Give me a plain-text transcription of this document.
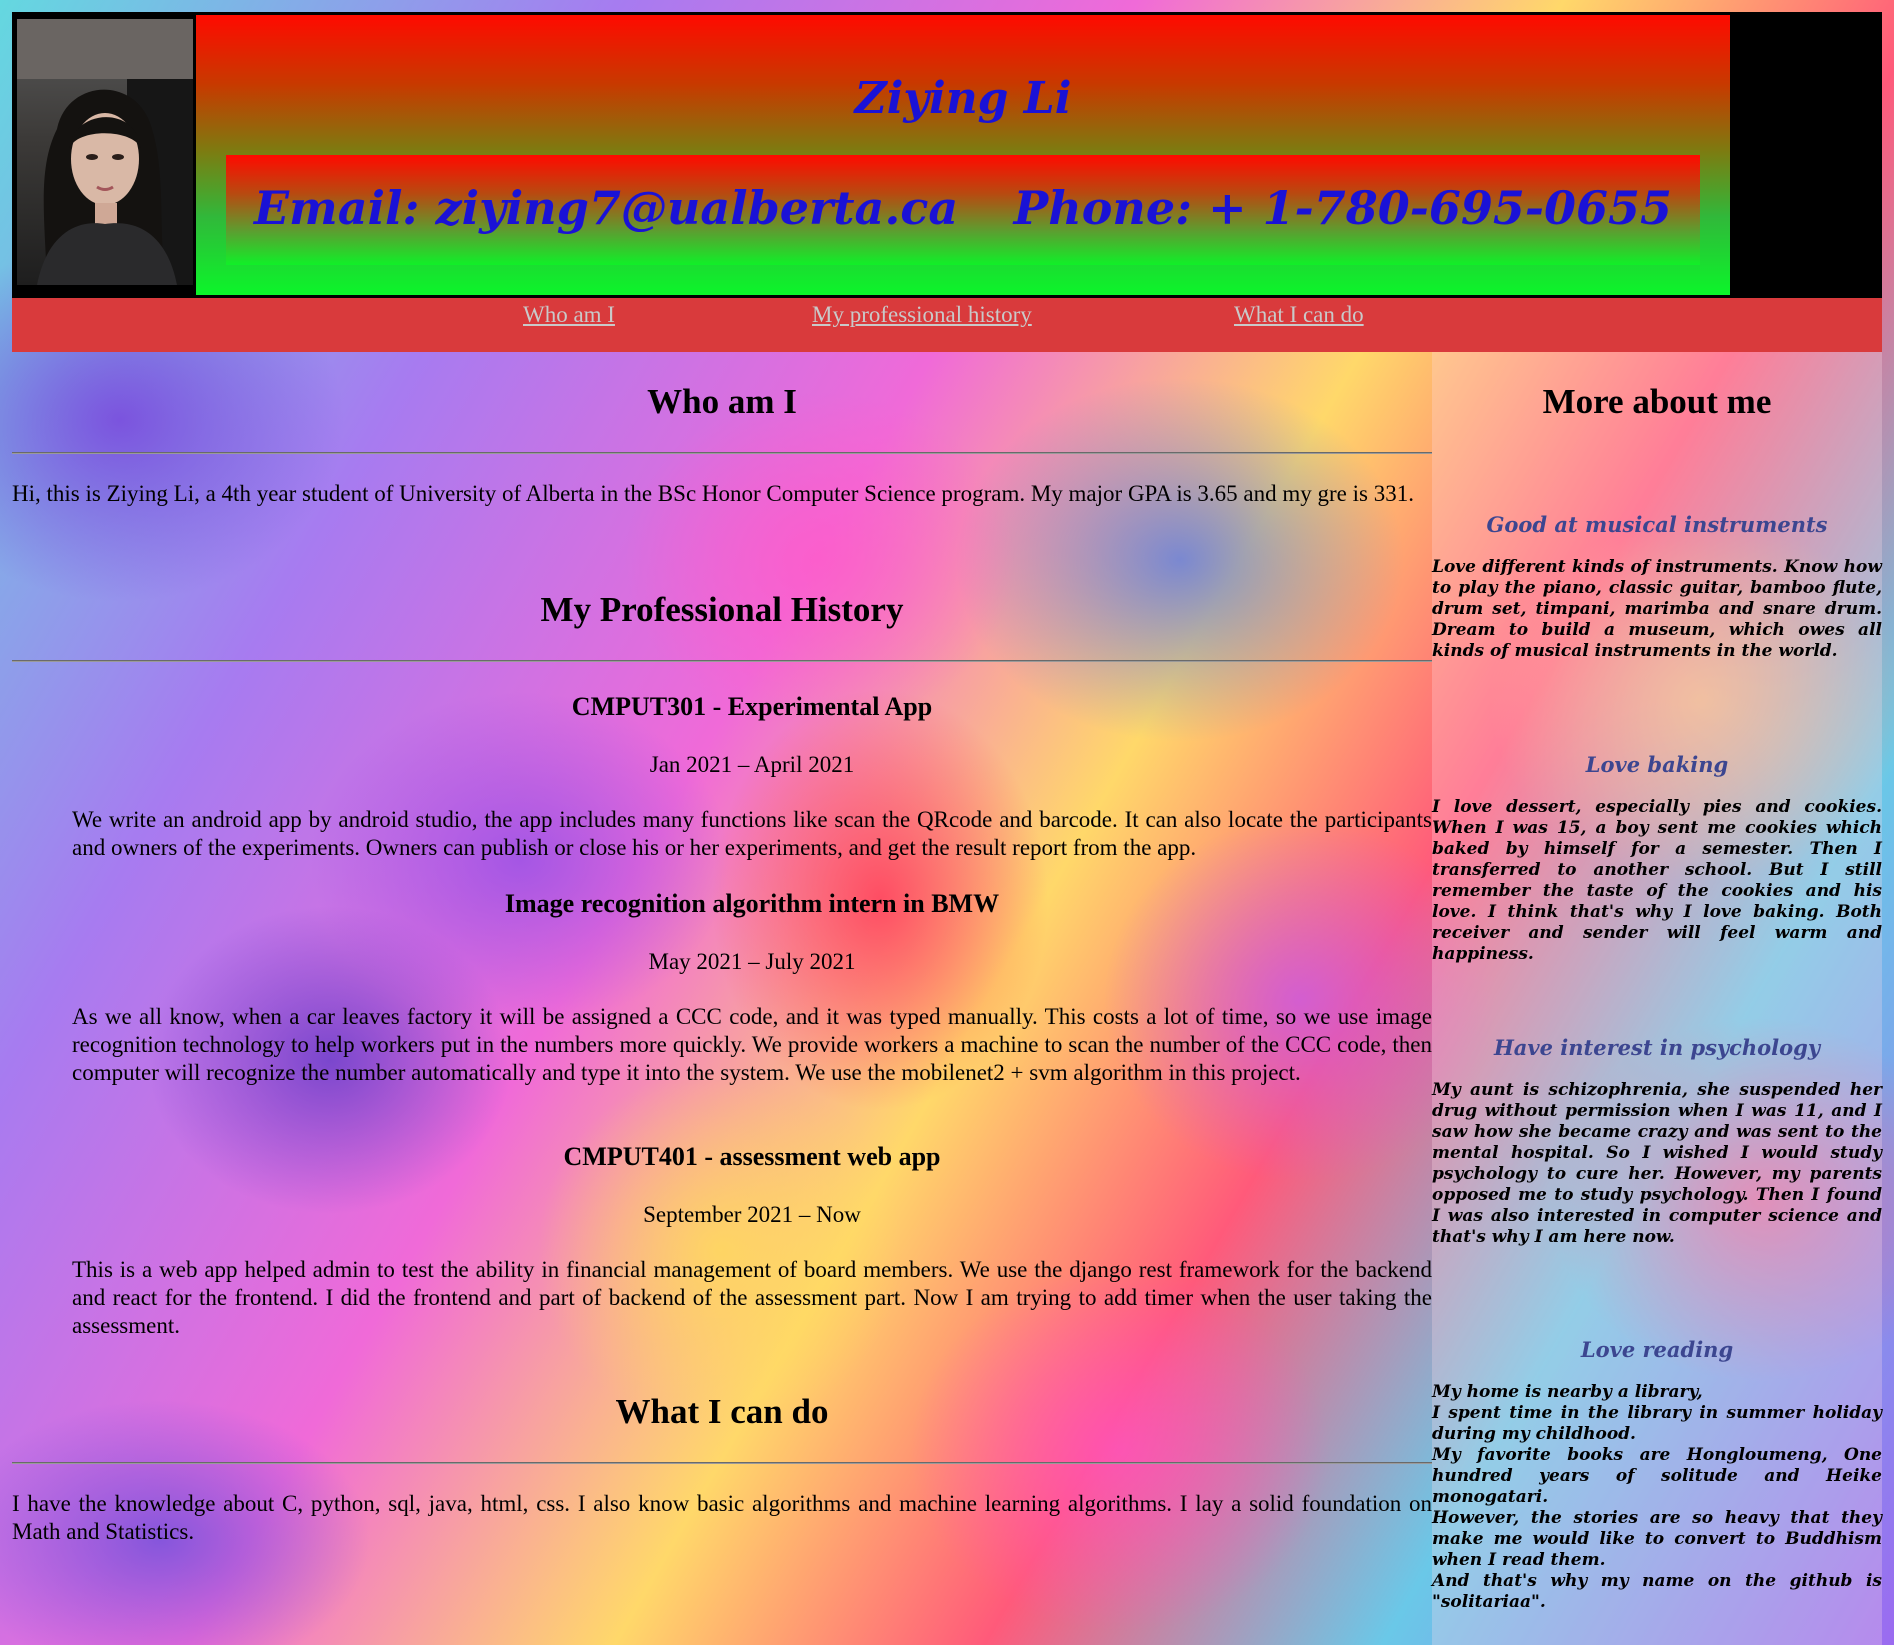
Ziying Li
Email: ziying7@ualberta.ca Phone: + 1-780-695-0655
Who am I	My professional history	What I can do
Who am I

Hi, this is Ziying Li, a 4th year student of University of Alberta in the BSc Honor Computer Science program. My major GPA is 3.65 and my gre is 331.

My Professional History
CMPUT301 - Experimental App

Jan 2021 – April 2021

We write an android app by android studio, the app includes many functions like scan the QRcode and barcode. It can also locate the participants and owners of the experiments. Owners can publish or close his or her experiments, and get the result report from the app.

Image recognition algorithm intern in BMW

May 2021 – July 2021

As we all know, when a car leaves factory it will be assigned a CCC code, and it was typed manually. This costs a lot of time, so we use image recognition technology to help workers put in the numbers more quickly. We provide workers a machine to scan the number of the CCC code, then computer will recognize the number automatically and type it into the system. We use the mobilenet2 + svm algorithm in this project.

CMPUT401 - assessment web app

September 2021 – Now

This is a web app helped admin to test the ability in financial management of board members. We use the django rest framework for the backend and react for the frontend. I did the frontend and part of backend of the assessment part. Now I am trying to add timer when the user taking the assessment.

What I can do

I have the knowledge about C, python, sql, java, html, css. I also know basic algorithms and machine learning algorithms. I lay a solid foundation on Math and Statistics.

More about me
Good at musical instruments

Love different kinds of instruments. Know how to play the piano, classic guitar, bamboo flute, drum set, timpani, marimba and snare drum. Dream to build a museum, which owes all kinds of musical instruments in the world.

Love baking

I love dessert, especially pies and cookies. When I was 15, a boy sent me cookies which baked by himself for a semester. Then I transferred to another school. But I still remember the taste of the cookies and his love. I think that's why I love baking. Both receiver and sender will feel warm and happiness.

Have interest in psychology

My aunt is schizophrenia, she suspended her drug without permission when I was 11, and I saw how she became crazy and was sent to the mental hospital. So I wished I would study psychology to cure her. However, my parents opposed me to study psychology. Then I found I was also interested in computer science and that's why I am here now.

Love reading

My home is nearby a library,
I spent time in the library in summer holiday during my childhood.
My favorite books are Hongloumeng, One hundred years of solitude and Heike monogatari.
However, the stories are so heavy that they make me would like to convert to Buddhism when I read them.
And that's why my name on the github is "solitariaa".
